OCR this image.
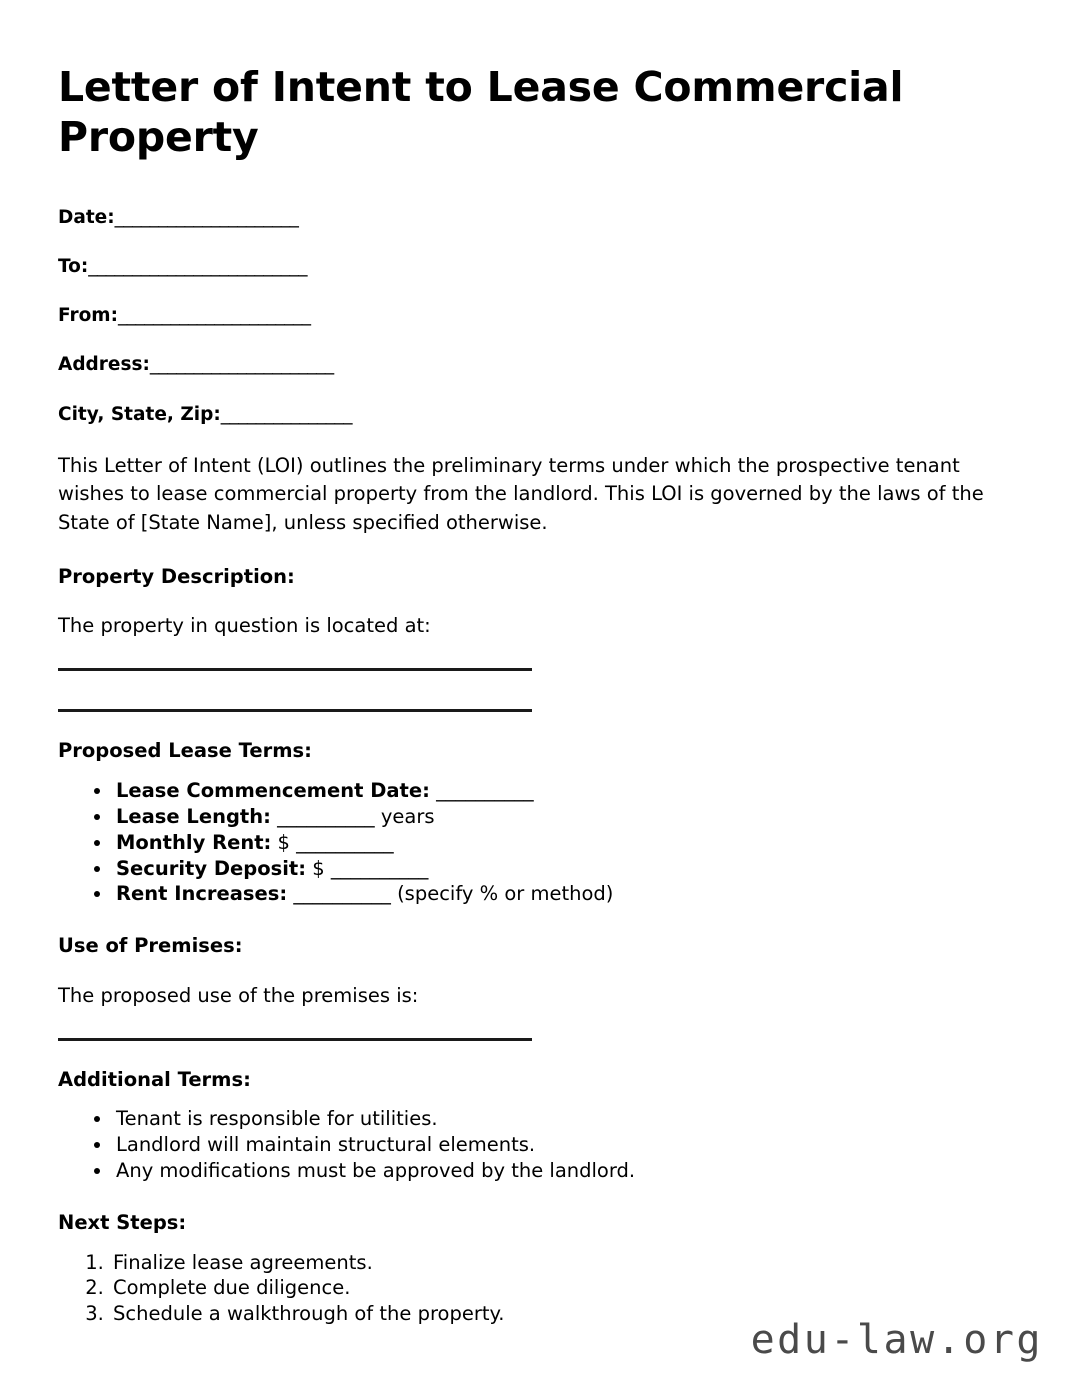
Letter of Intent to Lease Commercial Property
Date:_____________________
To:_________________________
From:______________________
Address:_____________________
City, State, Zip:_______________

This Letter of Intent (LOI) outlines the preliminary terms under which the prospective tenant wishes to lease commercial property from the landlord. This LOI is governed by the laws of the State of [State Name], unless specified otherwise.

Property Description:
The property in question is located at:
Proposed Lease Terms:
• Lease Commencement Date: __________
• Lease Length: __________ years
• Monthly Rent: $ __________
• Security Deposit: $ __________
• Rent Increases: __________ (specify % or method)
Use of Premises:
The proposed use of the premises is:
Additional Terms:
• Tenant is responsible for utilities.
• Landlord will maintain structural elements.
• Any modifications must be approved by the landlord.
Next Steps:
1. Finalize lease agreements.
2. Complete due diligence.
3. Schedule a walkthrough of the property.
edu-law.org
